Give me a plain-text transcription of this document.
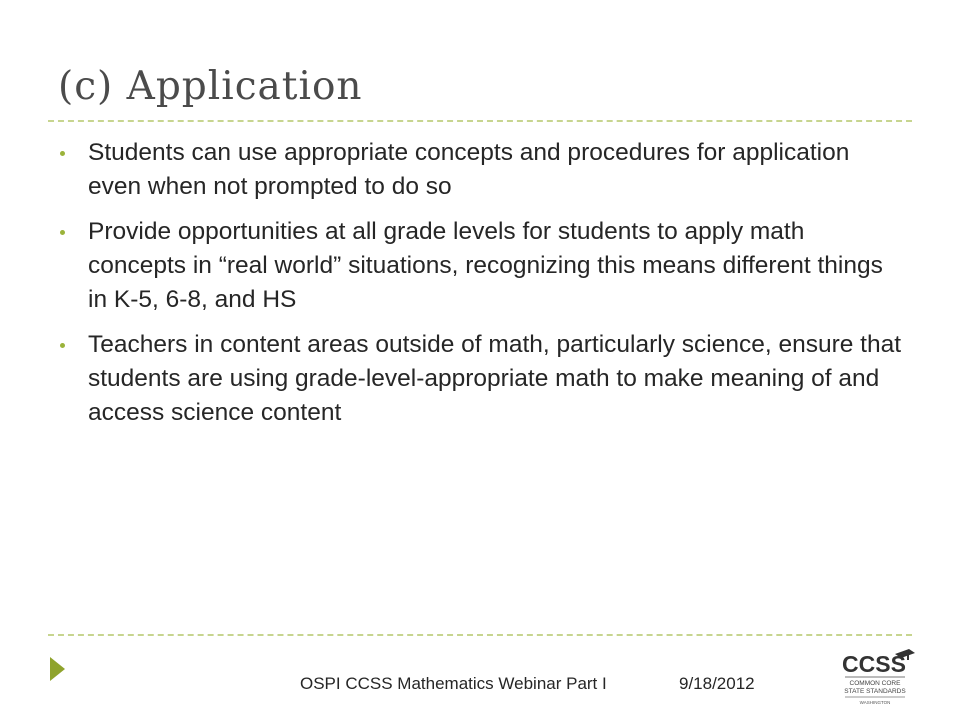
(c) Application
Students can use appropriate concepts and procedures for application even when not prompted to do so
Provide opportunities at all grade levels for students to apply math concepts in “real world” situations, recognizing this means different things in K-5, 6-8, and HS
Teachers in content areas outside of math, particularly science, ensure that students are using grade-level-appropriate math to make meaning of and access science content
OSPI CCSS Mathematics Webinar Part I	9/18/2012
CCSS
COMMON CORE
STATE STANDARDS
WASHINGTON
